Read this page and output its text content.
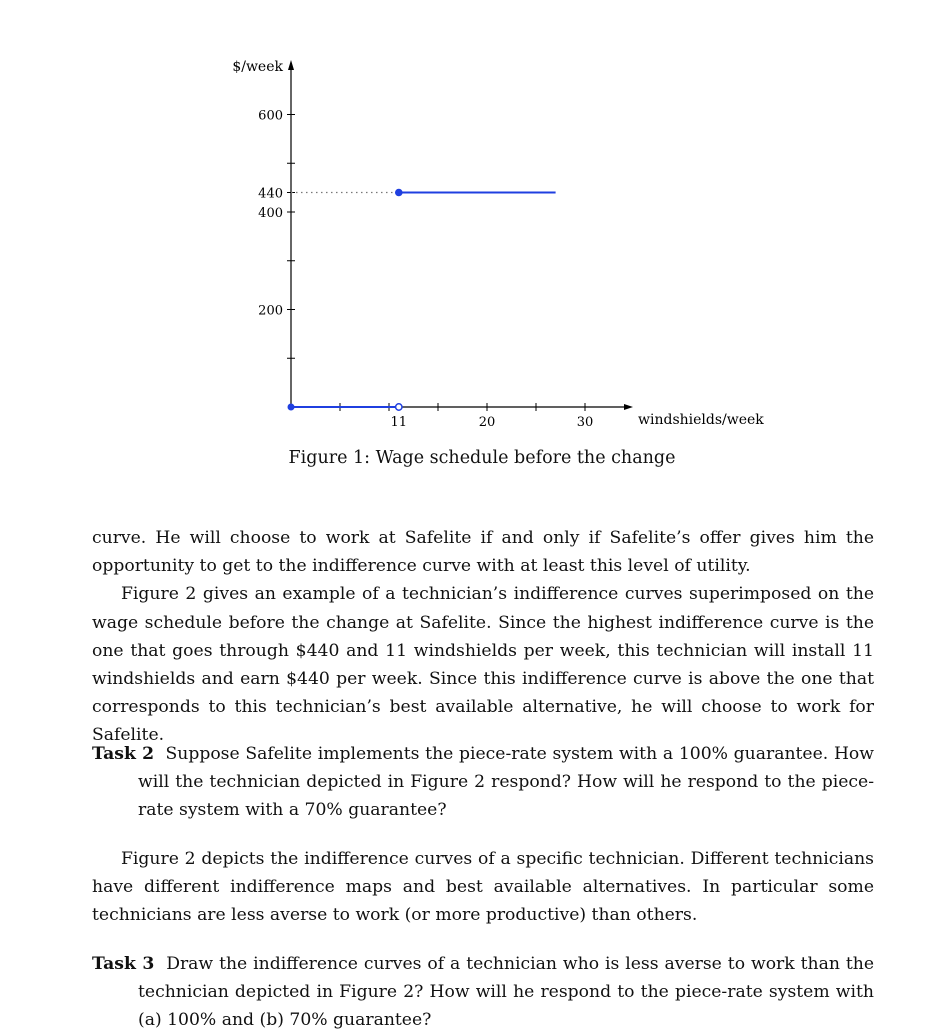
600
440
400
200
11	20	30
$/week
windshields/week
Figure 1: Wage schedule before the change

curve. He will choose to work at Safelite if and only if Safelite’s offer gives him the opportunity to get to the indifference curve with at least this level of utility.

Figure 2 gives an example of a technician’s indifference curves superimposed on the wage schedule before the change at Safelite. Since the highest indifference curve is the one that goes through $440 and 11 windshields per week, this technician will install 11 windshields and earn $440 per week. Since this indifference curve is above the one that corresponds to this technician’s best available alternative, he will choose to work for Safelite.

Task 2 Suppose Safelite implements the piece-rate system with a 100% guarantee. How will the technician depicted in Figure 2 respond? How will he respond to the piece-rate system with a 70% guarantee?

Figure 2 depicts the indifference curves of a specific technician. Different technicians have different indifference maps and best available alternatives. In particular some technicians are less averse to work (or more productive) than others.

Task 3 Draw the indifference curves of a technician who is less averse to work than the technician depicted in Figure 2? How will he respond to the piece-rate system with (a) 100% and (b) 70% guarantee?
